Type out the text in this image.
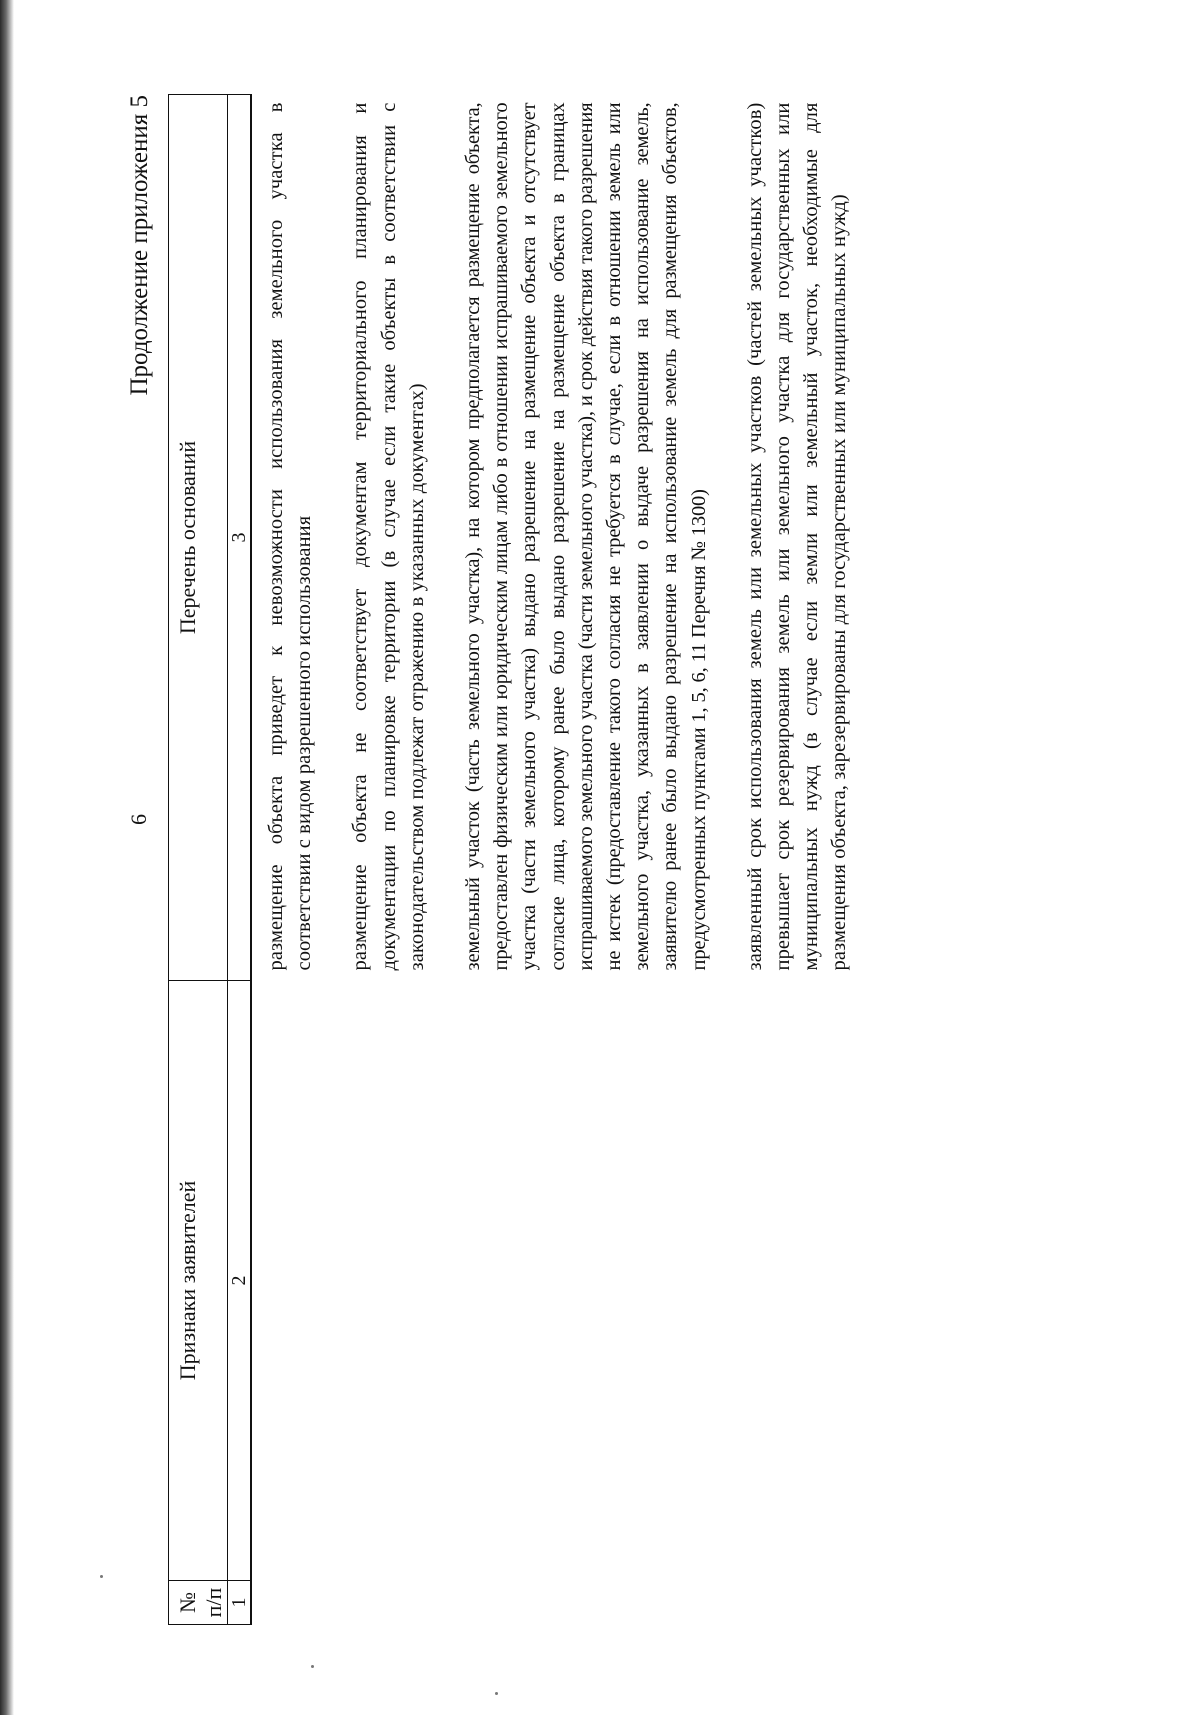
6
Продолжение приложения 5
№ п/п	Признаки заявителей	Перечень оснований
1	2	3

		размещение объекта приведет к невозможности использования земельного участка в соответствии с видом разрешенного использования размещение объекта не соответствует документам территориального планирования и документации по планировке территории (в случае если такие объекты в соответствии с законодательством подлежат отражению в указанных документах) земельный участок (часть земельного участка), на котором предполагается размещение объекта, предоставлен физическим или юридическим лицам либо в отношении испрашиваемого земельного участка (части земельного участка) выдано разрешение на размещение объекта и отсутствует согласие лица, которому ранее было выдано разрешение на размещение объекта в границах испрашиваемого земельного участка (части земельного участка), и срок действия такого разрешения не истек (предоставление такого согласия не требуется в случае, если в отношении земель или земельного участка, указанных в заявлении о выдаче разрешения на использование земель, заявителю ранее было выдано разрешение на использование земель для размещения объектов, предусмотренных пунктами 1, 5, 6, 11 Перечня № 1300) заявленный срок использования земель или земельных участков (частей земельных участков) превышает срок резервирования земель или земельного участка для государственных или муниципальных нужд (в случае если земли или земельный участок, необходимые для размещения объекта, зарезервированы для государственных или муниципальных нужд)
